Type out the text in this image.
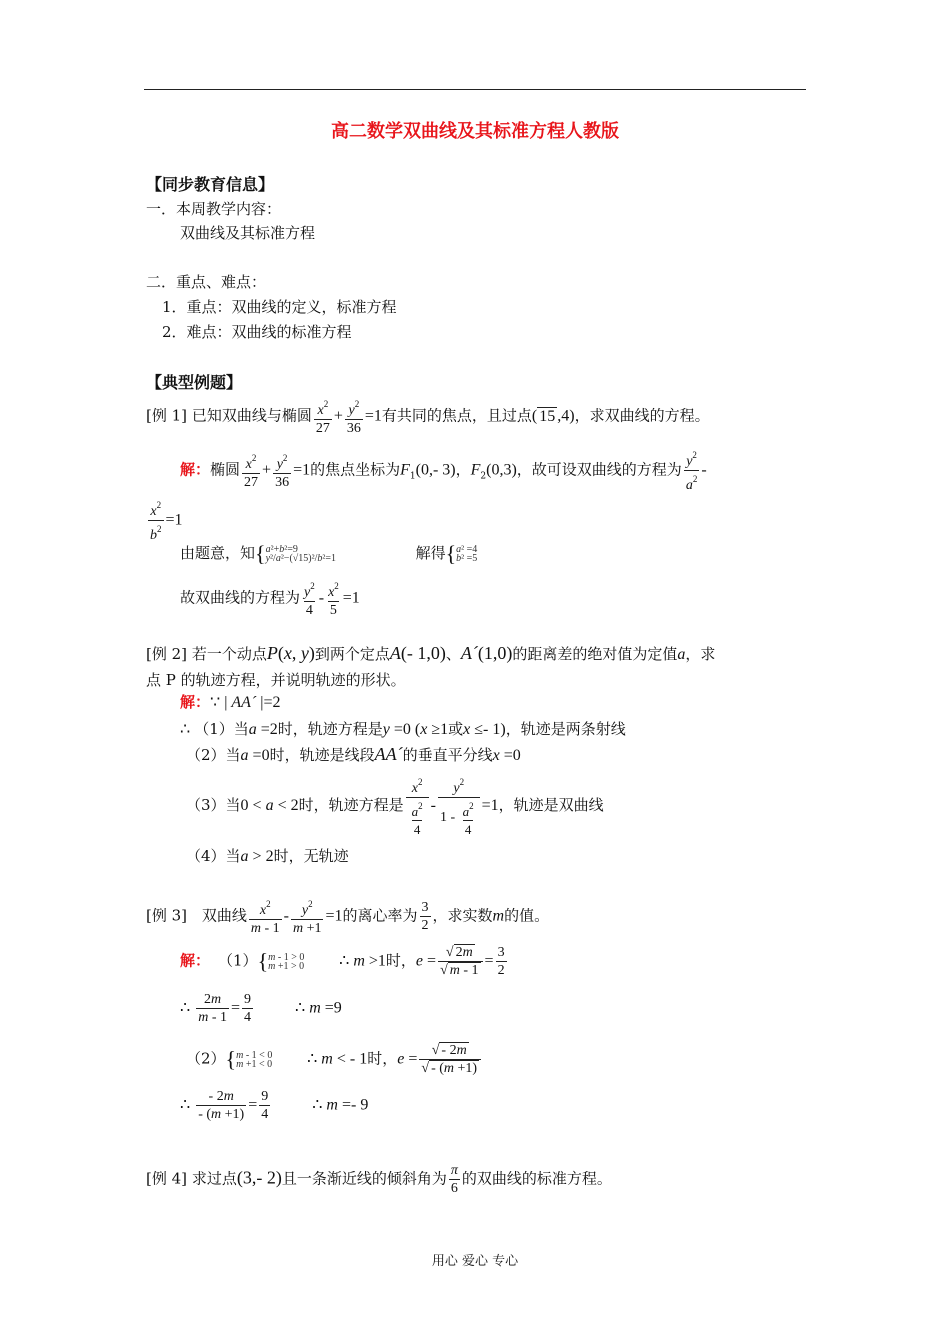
高二数学双曲线及其标准方程人教版
【同步教育信息】
一．本周教学内容：
双曲线及其标准方程
二．重点、难点：
1．重点：双曲线的定义，标准方程
2．难点：双曲线的标准方程
【典型例题】
[例 1] 已知双曲线与椭圆 $\frac{x^2}{27} + \frac{y^2}{36} =1$有共同的焦点，且过点( 15 ,4)，求双曲线的方程。
解：椭圆 $\frac{x^2}{27} + \frac{y^2}{36} =1$的焦点坐标为$F_1(0,-$ 3)，$F_2(0,3)$，故可设双曲线的方程为 $\frac{y^2}{a^2}$ -
$\frac{x^2}{b^2} =1$
由题意，知{ a²+b²=9
y²/a²−(√15)²/b²=1	解得{ a² =4
b² =5
故双曲线的方程为 $\frac{y^2}{4} - \frac{x^2}{5} =1$
[例 2] 若一个动点P(x, y)到两个定点A(- 1,0)、A´(1,0)的距离差的绝对值为定值a，求
点 P 的轨迹方程，并说明轨迹的形状。
解：∵ | AA´ |=2
∴ （1）当a =2时，轨迹方程是y =0 (x ≥1或x ≤- 1)，轨迹是两条射线
（2）当a =0时，轨迹是线段AA´的垂直平分线x =0
（3）当0 < a < 2时，轨迹方程是 $\frac{x^2}{\frac{a^2}{4}} - \frac{y^2}{1 - \frac{a^2}{4}} =1$，轨迹是双曲线
（4）当a > 2时，无轨迹
[例 3] 双曲线 $\frac{x^2}{m - 1} - \frac{y^2}{m +1} =1$的离心率为 $\frac{3}{2}$ ，求实数m的值。
解： （1）{ m - 1 > 0
m +1 > 0 ∴ m >1时，$e = \frac{√ 2m}{√ m - 1} = \frac{3}{2}$
∴ $\frac{2m}{m - 1} = \frac{9}{4}$	∴ m =9
（2）{ m - 1 < 0
m +1 < 0 ∴ m < - 1时，$e = \frac{√ - 2m}{√ - (m +1)}$
∴ $\frac{- 2m}{- (m +1)} = \frac{9}{4}$	∴ m =- 9
[例 4] 求过点(3,- 2)且一条渐近线的倾斜角为 $\frac{\pi}{6}$ 的双曲线的标准方程。
用心 爱心 专心
